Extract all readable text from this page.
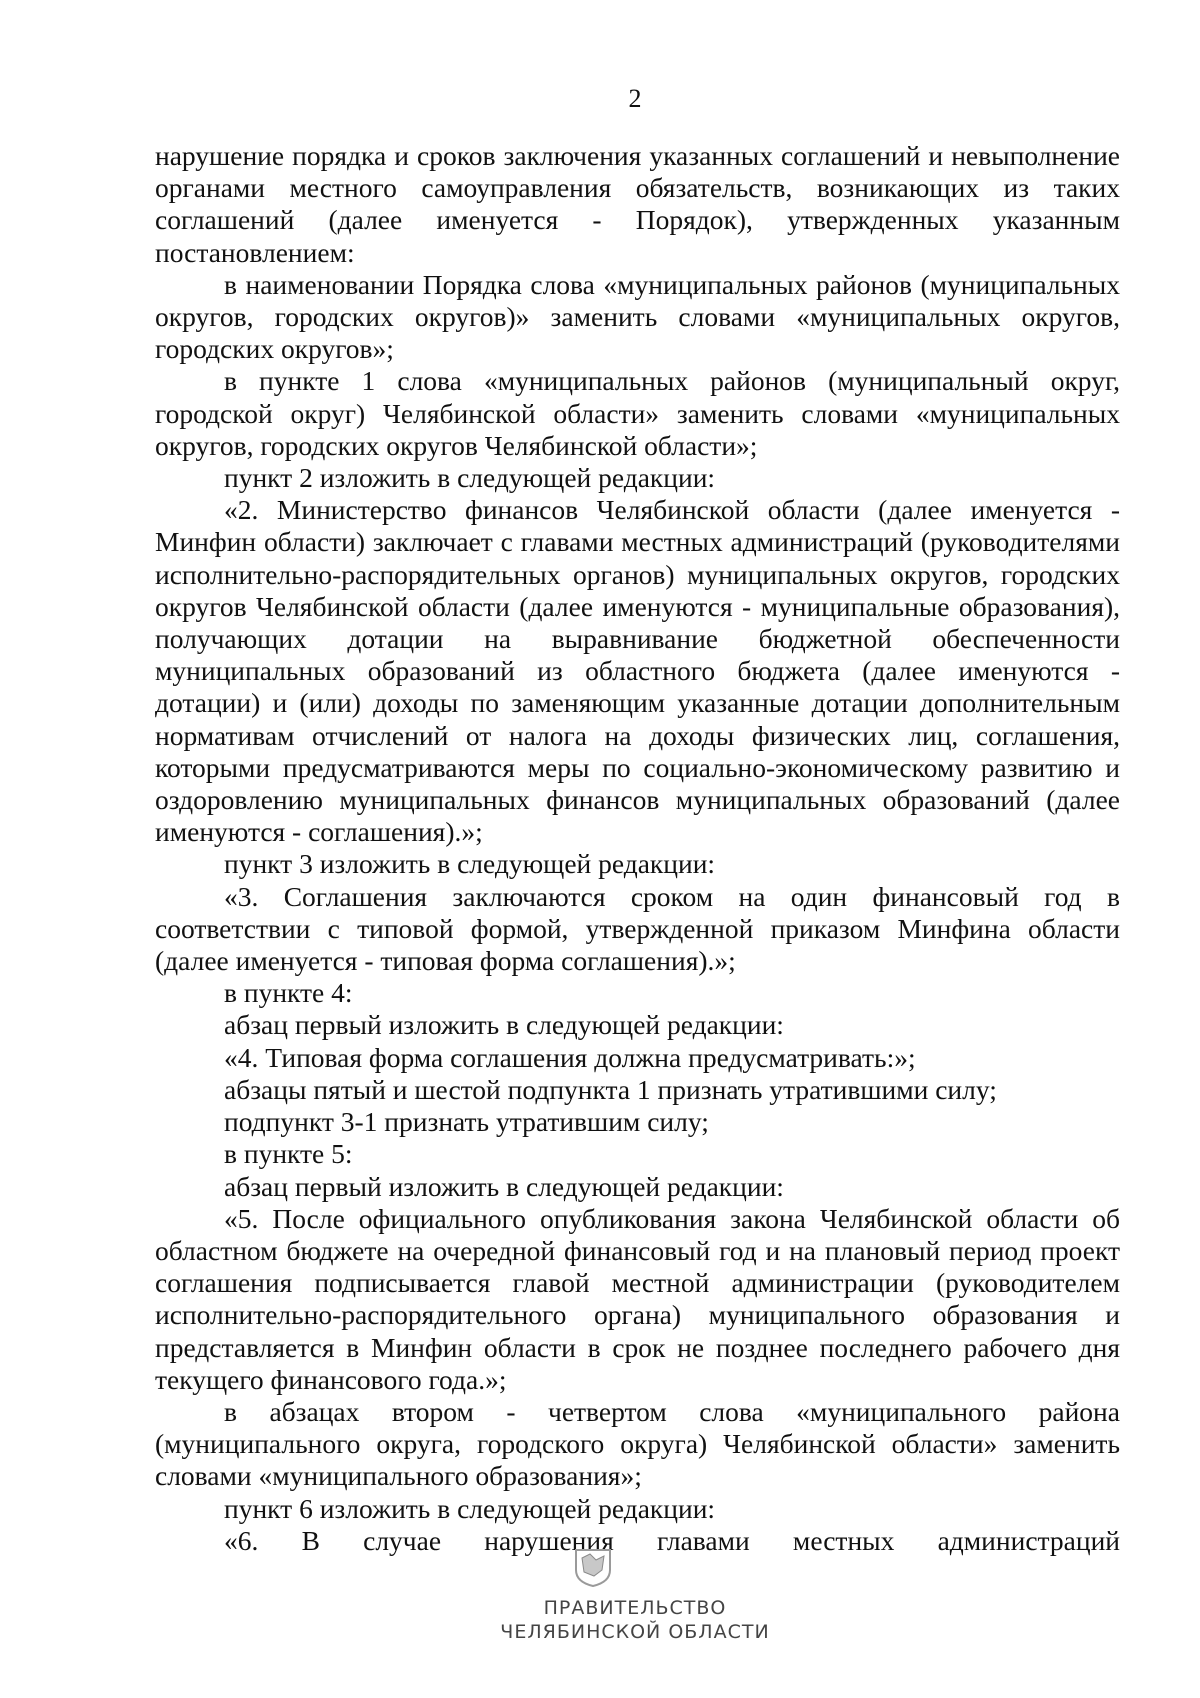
2

нарушение порядка и сроков заключения указанных соглашений и невыполнение органами местного самоуправления обязательств, возникающих из таких соглашений (далее именуется - Порядок), утвержденных указанным постановлением:

в наименовании Порядка слова «муниципальных районов (муниципальных округов, городских округов)» заменить словами «муниципальных округов, городских округов»;

в пункте 1 слова «муниципальных районов (муниципальный округ, городской округ) Челябинской области» заменить словами «муниципальных округов, городских округов Челябинской области»;

пункт 2 изложить в следующей редакции:

«2. Министерство финансов Челябинской области (далее именуется - Минфин области) заключает с главами местных администраций (руководителями исполнительно-распорядительных органов) муниципальных округов, городских округов Челябинской области (далее именуются - муниципальные образования), получающих дотации на выравнивание бюджетной обеспеченности муниципальных образований из областного бюджета (далее именуются - дотации) и (или) доходы по заменяющим указанные дотации дополнительным нормативам отчислений от налога на доходы физических лиц, соглашения, которыми предусматриваются меры по социально-экономическому развитию и оздоровлению муниципальных финансов муниципальных образований (далее именуются - соглашения).»;

пункт 3 изложить в следующей редакции:

«3. Соглашения заключаются сроком на один финансовый год в соответствии с типовой формой, утвержденной приказом Минфина области (далее именуется - типовая форма соглашения).»;

в пункте 4:

абзац первый изложить в следующей редакции:

«4. Типовая форма соглашения должна предусматривать:»;

абзацы пятый и шестой подпункта 1 признать утратившими силу;

подпункт 3-1 признать утратившим силу;

в пункте 5:

абзац первый изложить в следующей редакции:

«5. После официального опубликования закона Челябинской области об областном бюджете на очередной финансовый год и на плановый период проект соглашения подписывается главой местной администрации (руководителем исполнительно-распорядительного органа) муниципального образования и представляется в Минфин области в срок не позднее последнего рабочего дня текущего финансового года.»;

в абзацах втором - четвертом слова «муниципального района (муниципального округа, городского округа) Челябинской области» заменить словами «муниципального образования»;

пункт 6 изложить в следующей редакции:

«6. В случае нарушения главами местных администраций

ПРАВИТЕЛЬСТВО
ЧЕЛЯБИНСКОЙ ОБЛАСТИ
